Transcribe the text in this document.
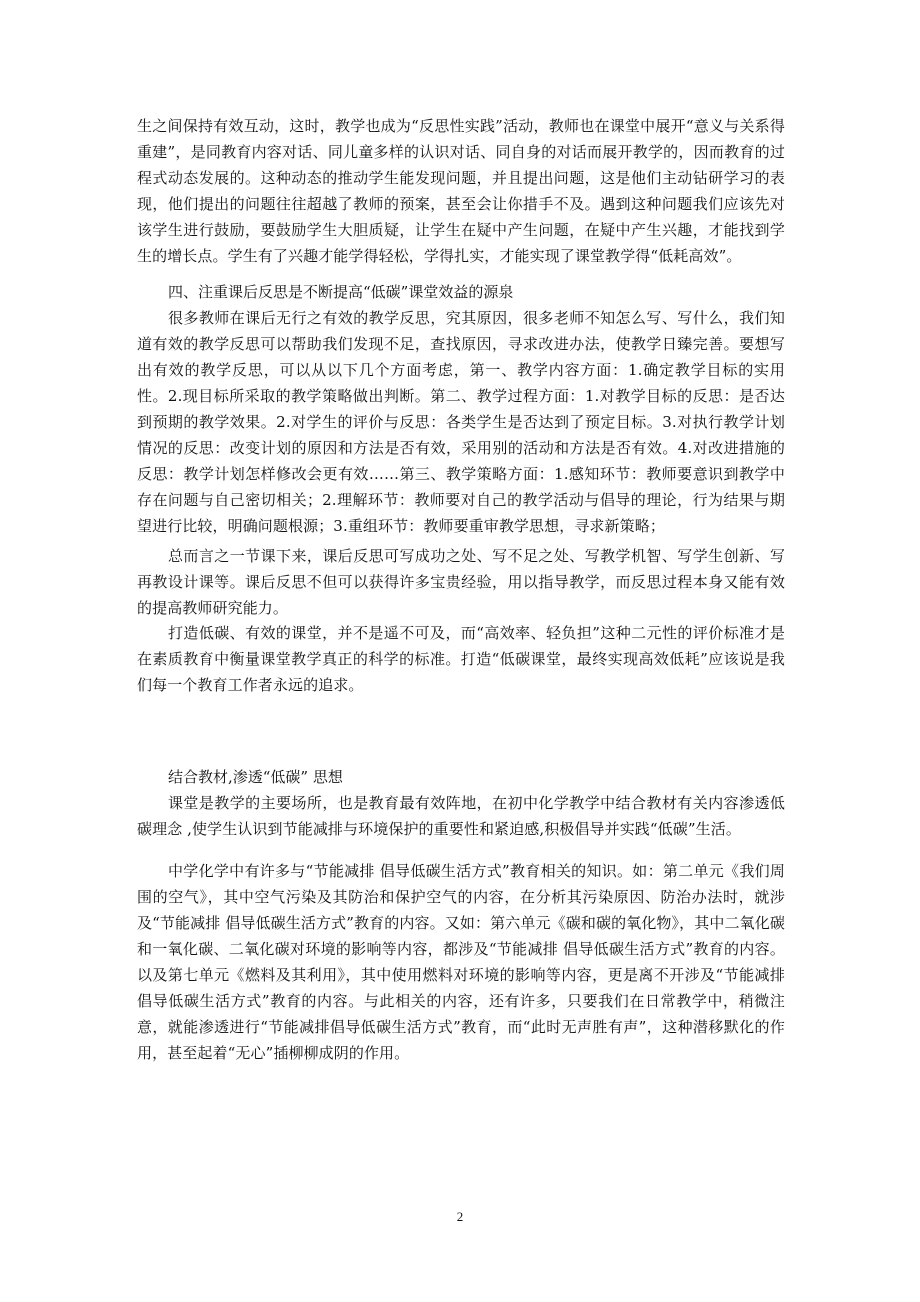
生之间保持有效互动，这时，教学也成为“反思性实践”活动，教师也在课堂中展开“意义与关系得重建”，是同教育内容对话、同儿童多样的认识对话、同自身的对话而展开教学的，因而教育的过程式动态发展的。这种动态的推动学生能发现问题，并且提出问题，这是他们主动钻研学习的表现，他们提出的问题往往超越了教师的预案，甚至会让你措手不及。遇到这种问题我们应该先对该学生进行鼓励，要鼓励学生大胆质疑，让学生在疑中产生问题，在疑中产生兴趣，才能找到学生的增长点。学生有了兴趣才能学得轻松，学得扎实，才能实现了课堂教学得“低耗高效”。

四、注重课后反思是不断提高“低碳”课堂效益的源泉

很多教师在课后无行之有效的教学反思，究其原因，很多老师不知怎么写、写什么，我们知道有效的教学反思可以帮助我们发现不足，查找原因，寻求改进办法，使教学日臻完善。要想写出有效的教学反思，可以从以下几个方面考虑，第一、教学内容方面：1.确定教学目标的实用性。2.现目标所采取的教学策略做出判断。第二、教学过程方面：1.对教学目标的反思：是否达到预期的教学效果。2.对学生的评价与反思：各类学生是否达到了预定目标。3.对执行教学计划情况的反思：改变计划的原因和方法是否有效，采用别的活动和方法是否有效。4.对改进措施的反思：教学计划怎样修改会更有效……第三、教学策略方面：1.感知环节：教师要意识到教学中存在问题与自己密切相关；2.理解环节：教师要对自己的教学活动与倡导的理论，行为结果与期望进行比较，明确问题根源；3.重组环节：教师要重审教学思想，寻求新策略；

总而言之一节课下来，课后反思可写成功之处、写不足之处、写教学机智、写学生创新、写再教设计课等。课后反思不但可以获得许多宝贵经验，用以指导教学，而反思过程本身又能有效的提高教师研究能力。

打造低碳、有效的课堂，并不是遥不可及，而“高效率、轻负担”这种二元性的评价标准才是在素质教育中衡量课堂教学真正的科学的标准。打造“低碳课堂，最终实现高效低耗”应该说是我们每一个教育工作者永远的追求。

结合教材,渗透“低碳” 思想

课堂是教学的主要场所，也是教育最有效阵地，在初中化学教学中结合教材有关内容渗透低碳理念 ,使学生认识到节能减排与环境保护的重要性和紧迫感,积极倡导并实践“低碳”生活。

中学化学中有许多与“节能减排 倡导低碳生活方式”教育相关的知识。如：第二单元《我们周围的空气》，其中空气污染及其防治和保护空气的内容，在分析其污染原因、防治办法时，就涉及“节能减排 倡导低碳生活方式”教育的内容。又如：第六单元《碳和碳的氧化物》，其中二氧化碳和一氧化碳、二氧化碳对环境的影响等内容，都涉及“节能减排 倡导低碳生活方式”教育的内容。以及第七单元《燃料及其利用》，其中使用燃料对环境的影响等内容，更是离不开涉及“节能减排 倡导低碳生活方式”教育的内容。与此相关的内容，还有许多，只要我们在日常教学中，稍微注意，就能渗透进行“节能减排倡导低碳生活方式”教育，而“此时无声胜有声”，这种潜移默化的作用，甚至起着“无心”插柳柳成阴的作用。

2
